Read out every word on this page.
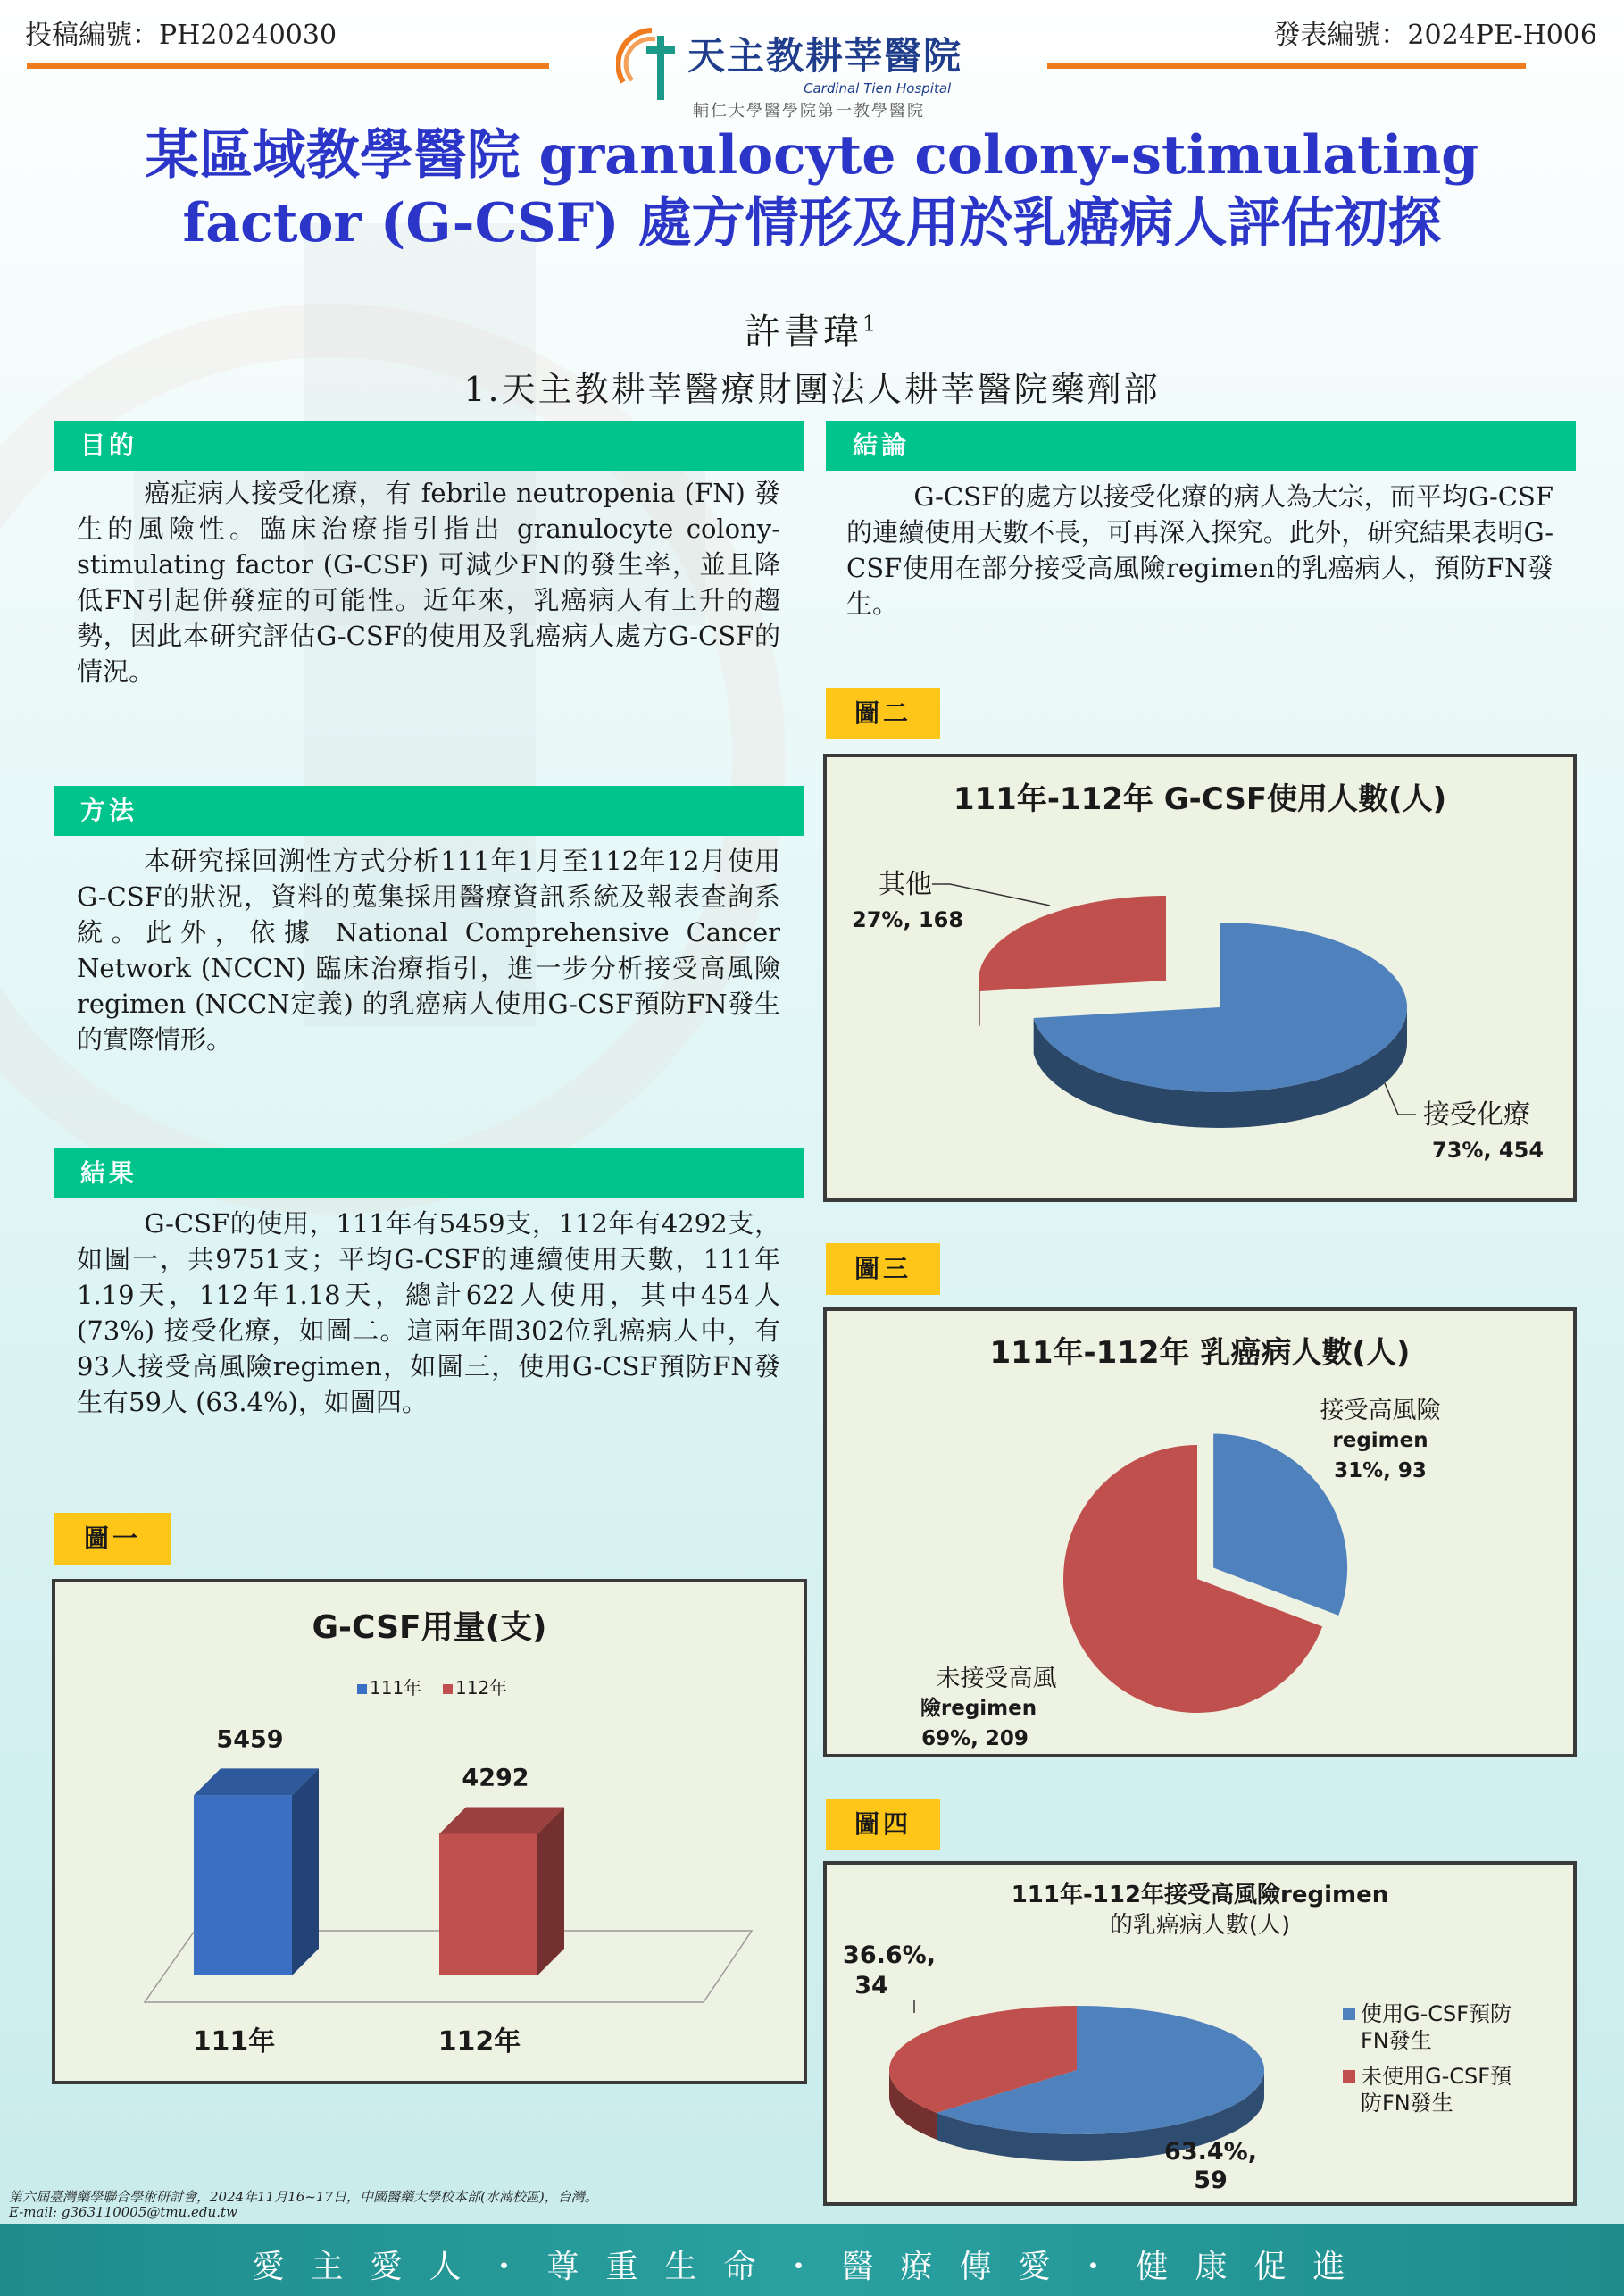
投稿編號：PH20240030	發表編號：2024PE-H006
天主教耕莘醫院
Cardinal Tien Hospital
輔仁大學醫學院第一教學醫院
某區域教學醫院 granulocyte colony-stimulating
factor (G-CSF) 處方情形及用於乳癌病人評估初探
許書瑋$^1$
1.天主教耕莘醫療財團法人耕莘醫院藥劑部
目的
癌症病人接受化療，有 febrile neutropenia (FN) 發生的風險性。臨床治療指引指出 granulocyte colony-stimulating factor (G-CSF) 可減少FN的發生率，並且降低FN引起併發症的可能性。近年來，乳癌病人有上升的趨勢，因此本研究評估G-CSF的使用及乳癌病人處方G-CSF的情況。
方法
本研究採回溯性方式分析111年1月至112年12月使用G-CSF的狀況，資料的蒐集採用醫療資訊系統及報表查詢系統。此外，依據 National Comprehensive Cancer Network (NCCN) 臨床治療指引，進一步分析接受高風險regimen (NCCN定義) 的乳癌病人使用G-CSF預防FN發生的實際情形。
結果
G-CSF的使用，111年有5459支，112年有4292支，如圖一，共9751支；平均G-CSF的連續使用天數，111年1.19天，112年1.18天，總計622人使用，其中454人 (73%) 接受化療，如圖二。這兩年間302位乳癌病人中，有93人接受高風險regimen，如圖三，使用G-CSF預防FN發生有59人 (63.4%)，如圖四。
圖一
G-CSF用量(支)
111年 112年
5459
111年
4292
112年
結論
G-CSF的處方以接受化療的病人為大宗，而平均G-CSF的連續使用天數不長，可再深入探究。此外，研究結果表明G-CSF使用在部分接受高風險regimen的乳癌病人，預防FN發生。
圖二
111年-112年 G-CSF使用人數(人)
接受化療
73%, 454
其他
27%, 168
圖三
111年-112年 乳癌病人數(人)
接受高風險
regimen
31%, 93
未接受高風
險regimen
69%, 209
圖四
111年-112年接受高風險regimen
的乳癌病人數(人)
63.4%,
59
36.6%,
34
使用G-CSF預防
FN發生
未使用G-CSF預
防FN發生
第六屆臺灣藥學聯合學術研討會，2024年11月16~17日，中國醫藥大學校本部(水湳校區)，台灣。
E-mail: g363110005@tmu.edu.tw
愛主愛人・尊重生命・醫療傳愛・健康促進
